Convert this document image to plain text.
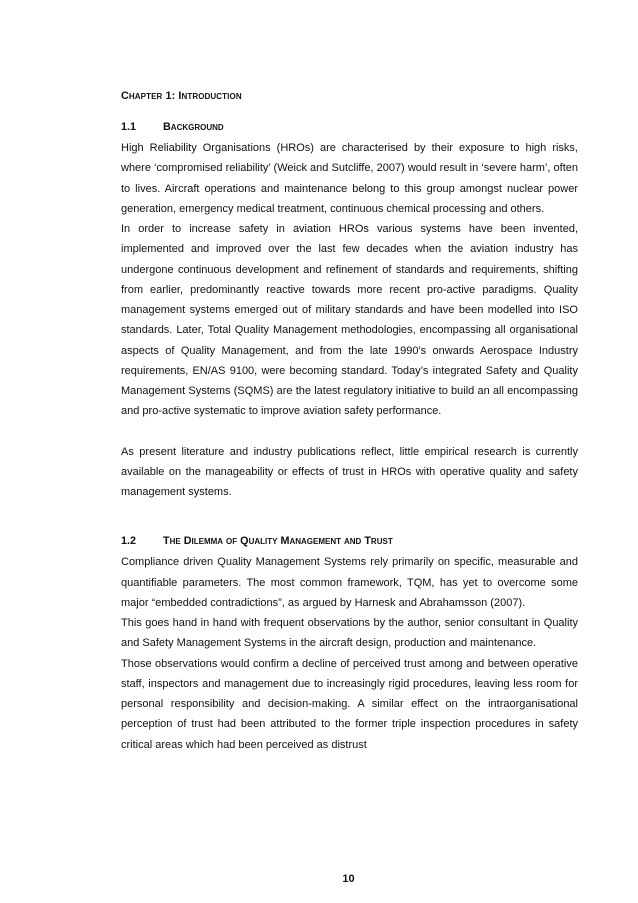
Chapter 1: Introduction
1.1	Background

High Reliability Organisations (HROs) are characterised by their exposure to high risks, where ‘compromised reliability’ (Weick and Sutcliffe, 2007) would result in ‘severe harm’, often to lives. Aircraft operations and maintenance belong to this group amongst nuclear power generation, emergency medical treatment, continuous chemical processing and others.

In order to increase safety in aviation HROs various systems have been invented, implemented and improved over the last few decades when the aviation industry has undergone continuous development and refinement of standards and requirements, shifting from earlier, predominantly reactive towards more recent pro-active paradigms. Quality management systems emerged out of military standards and have been modelled into ISO standards. Later, Total Quality Management methodologies, encompassing all organisational aspects of Quality Management, and from the late 1990’s onwards Aerospace Industry requirements, EN/AS 9100, were becoming standard. Today’s integrated Safety and Quality Management Systems (SQMS) are the latest regulatory initiative to build an all encompassing and pro-active systematic to improve aviation safety performance.

As present literature and industry publications reflect, little empirical research is currently available on the manageability or effects of trust in HROs with operative quality and safety management systems.

1.2	The Dilemma of Quality Management and Trust

Compliance driven Quality Management Systems rely primarily on specific, measurable and quantifiable parameters. The most common framework, TQM, has yet to overcome some major “embedded contradictions”, as argued by Harnesk and Abrahamsson (2007).

This goes hand in hand with frequent observations by the author, senior consultant in Quality and Safety Management Systems in the aircraft design, production and maintenance.

Those observations would confirm a decline of perceived trust among and between operative staff, inspectors and management due to increasingly rigid procedures, leaving less room for personal responsibility and decision-making. A similar effect on the intraorganisational perception of trust had been attributed to the former triple inspection procedures in safety critical areas which had been perceived as distrust

10
